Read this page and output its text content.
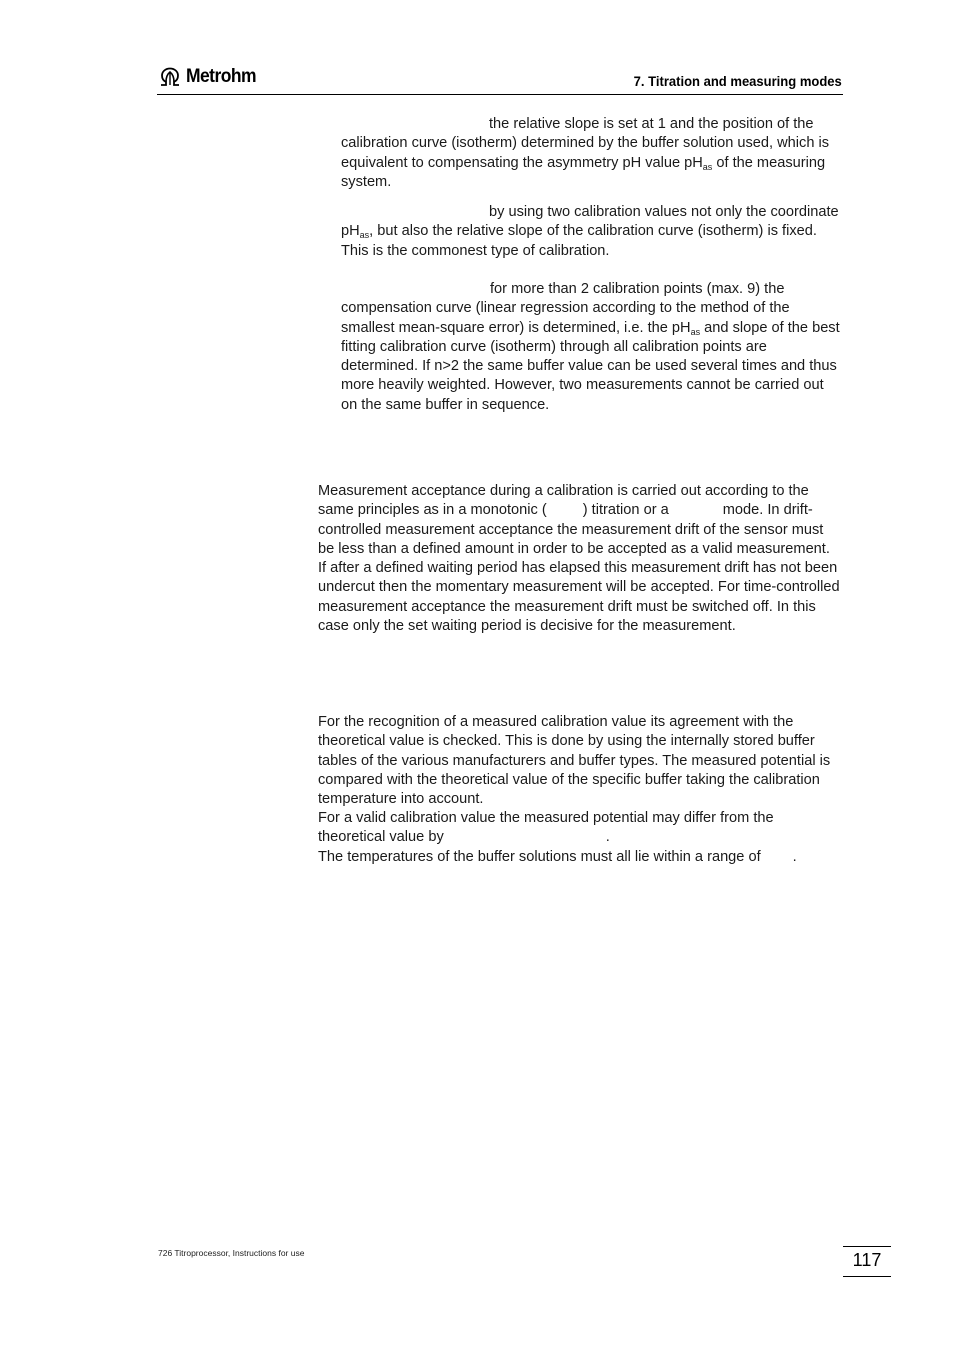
Metrohm	7. Titration and measuring modes

the relative slope is set at 1 and the position of the calibration curve (isotherm) determined by the buffer solution used, which is equivalent to compensating the asymmetry pH value $pH_{as}$ of the measuring system.

by using two calibration values not only the coordinate $pH_{as}$, but also the relative slope of the calibration curve (isotherm) is fixed. This is the commonest type of calibration.

for more than 2 calibration points (max. 9) the compensation curve (linear regression according to the method of the smallest mean-square error) is determined, i.e. the $pH_{as}$ and slope of the best fitting calibration curve (isotherm) through all calibration points are determined. If n>2 the same buffer value can be used several times and thus more heavily weighted. However, two measurements cannot be carried out on the same buffer in sequence.

Measurement acceptance during a calibration is carried out according to the same principles as in a monotonic ( ) titration or a	mode. In drift-controlled measurement acceptance the measurement drift of the sensor must be less than a defined amount in order to be accepted as a valid measurement. If after a defined waiting period has elapsed this measurement drift has not been undercut then the momentary measurement will be accepted. For time-controlled measurement acceptance the measurement drift must be switched off. In this case only the set waiting period is decisive for the measurement.

For the recognition of a measured calibration value its agreement with the theoretical value is checked. This is done by using the internally stored buffer tables of the various manufacturers and buffer types. The measured potential is compared with the theoretical value of the specific buffer taking the calibration temperature into account.

For a valid calibration value the measured potential may differ from the theoretical value by	.

The temperatures of the buffer solutions must all lie within a range of .

726 Titroprocessor, Instructions for use	117
